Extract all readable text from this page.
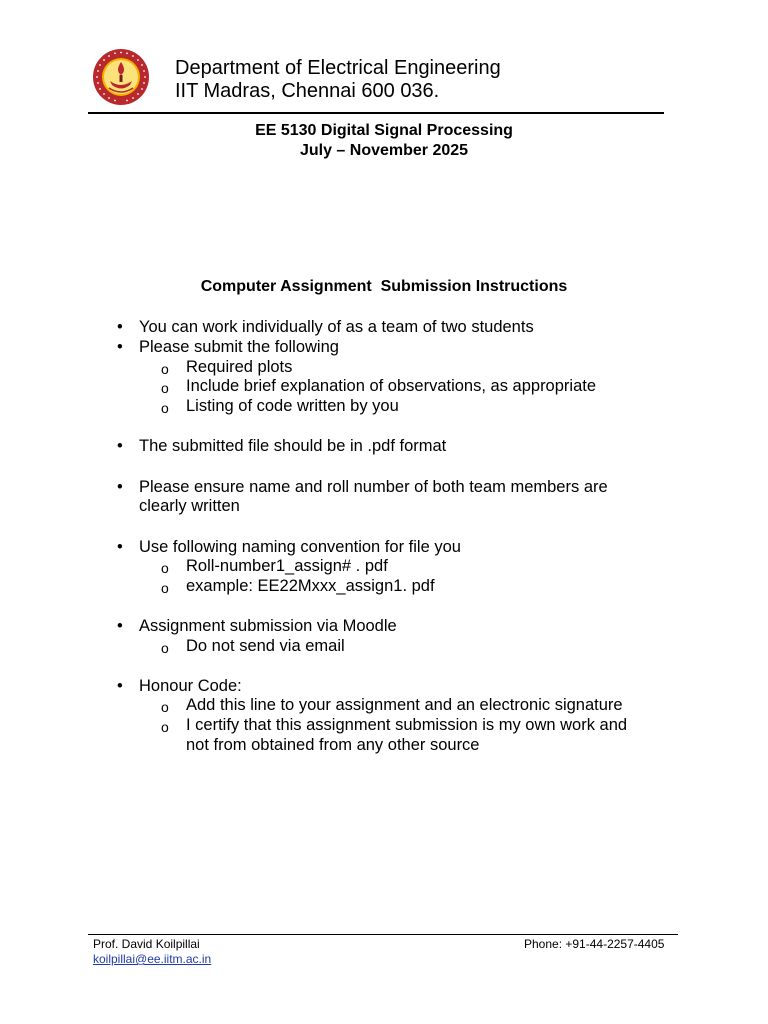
Department of Electrical Engineering
IIT Madras, Chennai 600 036.
EE 5130 Digital Signal Processing
July – November 2025
Computer Assignment  Submission Instructions
• You can work individually of as a team of two students
• Please submit the following
o Required plots
o Include brief explanation of observations, as appropriate
o Listing of code written by you
• The submitted file should be in .pdf format
• Please ensure name and roll number of both team members are
clearly written
• Use following naming convention for file you
o Roll-number1_assign# . pdf
o example: EE22Mxxx_assign1. pdf
• Assignment submission via Moodle
o Do not send via email
• Honour Code:
o Add this line to your assignment and an electronic signature
o I certify that this assignment submission is my own work and
not from obtained from any other source
Prof. David Koilpillai
koilpillai@ee.iitm.ac.in
Phone: +91-44-2257-4405
